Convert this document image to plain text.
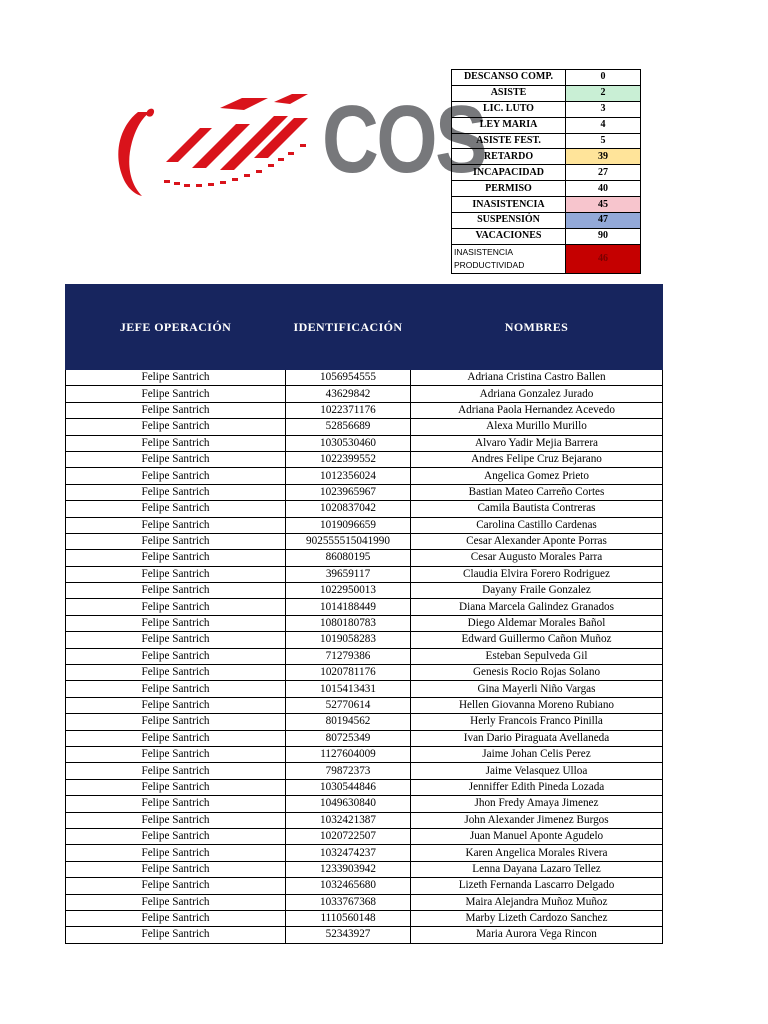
COS
DESCANSO COMP.	0
ASISTE	2
LIC. LUTO	3
LEY MARIA	4
ASISTE FEST.	5
RETARDO	39
INCAPACIDAD	27
PERMISO	40
INASISTENCIA	45
SUSPENSIÓN	47
VACACIONES	90
INASISTENCIA PRODUCTIVIDAD	46
JEFE OPERACIÓN	IDENTIFICACIÓN	NOMBRES
Felipe Santrich	1056954555	Adriana Cristina Castro Ballen
Felipe Santrich	43629842	Adriana Gonzalez Jurado
Felipe Santrich	1022371176	Adriana Paola Hernandez Acevedo
Felipe Santrich	52856689	Alexa Murillo Murillo
Felipe Santrich	1030530460	Alvaro Yadir Mejia Barrera
Felipe Santrich	1022399552	Andres Felipe Cruz Bejarano
Felipe Santrich	1012356024	Angelica Gomez Prieto
Felipe Santrich	1023965967	Bastian Mateo Carreño Cortes
Felipe Santrich	1020837042	Camila Bautista Contreras
Felipe Santrich	1019096659	Carolina Castillo Cardenas
Felipe Santrich	902555515041990	Cesar Alexander Aponte Porras
Felipe Santrich	86080195	Cesar Augusto Morales Parra
Felipe Santrich	39659117	Claudia Elvira Forero Rodriguez
Felipe Santrich	1022950013	Dayany Fraile Gonzalez
Felipe Santrich	1014188449	Diana Marcela Galindez Granados
Felipe Santrich	1080180783	Diego Aldemar Morales Bañol
Felipe Santrich	1019058283	Edward Guillermo Cañon Muñoz
Felipe Santrich	71279386	Esteban Sepulveda Gil
Felipe Santrich	1020781176	Genesis Rocio Rojas Solano
Felipe Santrich	1015413431	Gina Mayerli Niño Vargas
Felipe Santrich	52770614	Hellen Giovanna Moreno Rubiano
Felipe Santrich	80194562	Herly Francois Franco Pinilla
Felipe Santrich	80725349	Ivan Dario Piraguata Avellaneda
Felipe Santrich	1127604009	Jaime Johan Celis Perez
Felipe Santrich	79872373	Jaime Velasquez Ulloa
Felipe Santrich	1030544846	Jenniffer Edith Pineda Lozada
Felipe Santrich	1049630840	Jhon Fredy Amaya Jimenez
Felipe Santrich	1032421387	John Alexander Jimenez Burgos
Felipe Santrich	1020722507	Juan Manuel Aponte Agudelo
Felipe Santrich	1032474237	Karen Angelica Morales Rivera
Felipe Santrich	1233903942	Lenna Dayana Lazaro Tellez
Felipe Santrich	1032465680	Lizeth Fernanda Lascarro Delgado
Felipe Santrich	1033767368	Maira Alejandra Muñoz Muñoz
Felipe Santrich	1110560148	Marby Lizeth Cardozo Sanchez
Felipe Santrich	52343927	Maria Aurora Vega Rincon
